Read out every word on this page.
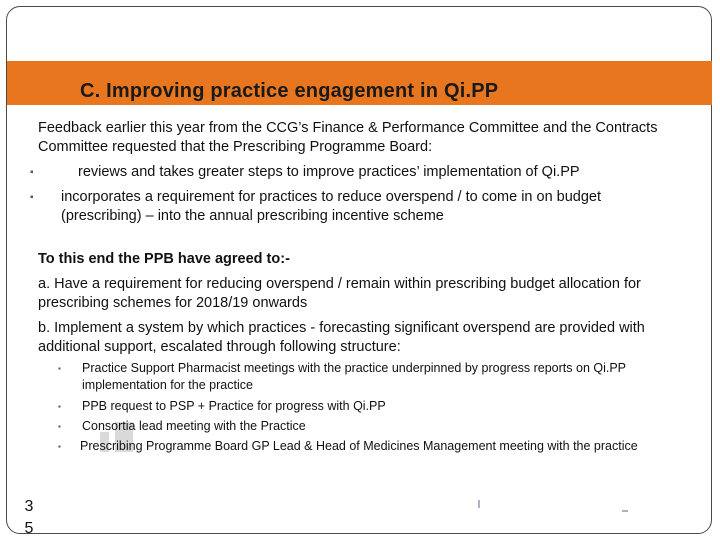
C. Improving practice engagement in Qi.PP

Feedback earlier this year from the CCG’s Finance & Performance Committee and the Contracts Committee requested that the Prescribing Programme Board:

▪	reviews and takes greater steps to improve practices’ implementation of Qi.PP
▪ incorporates a requirement for practices to reduce overspend / to come in on budget (prescribing) – into the annual prescribing incentive scheme

To this end the PPB have agreed to:-

a. Have a requirement for reducing overspend / remain within prescribing budget allocation for prescribing schemes for 2018/19 onwards

b. Implement a system by which practices - forecasting significant overspend are provided with additional support, escalated through following structure:

▪ Practice Support Pharmacist meetings with the practice underpinned by progress reports on Qi.PP implementation for the practice
▪ PPB request to PSP + Practice for progress with Qi.PP
▪ Consortia lead meeting with the Practice
▪ Prescribing Programme Board GP Lead & Head of Medicines Management meeting with the practice
3
5
